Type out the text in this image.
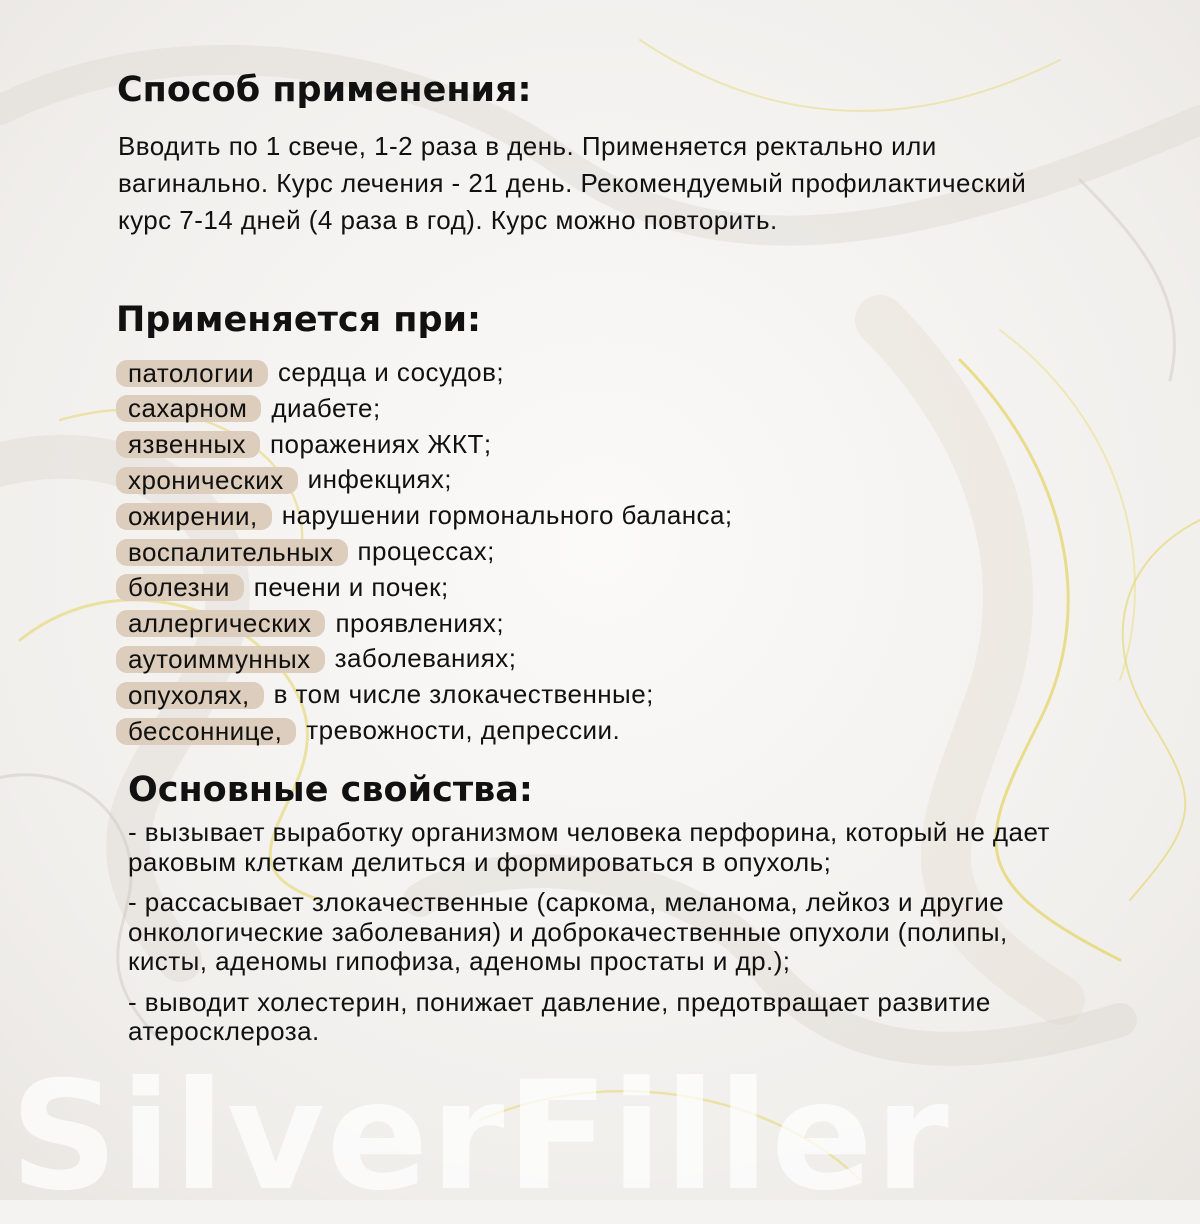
SilverFiller
Способ применения:

Вводить по 1 свече, 1-2 раза в день. Применяется ректально или вагинально. Курс лечения - 21 день. Рекомендуемый профилактический курс 7-14 дней (4 раза в год). Курс можно повторить.

Применяется при:
патологии сердца и сосудов;
сахарном диабете;
язвенных поражениях ЖКТ;
хронических инфекциях;
ожирении, нарушении гормонального баланса;
воспалительных процессах;
болезни печени и почек;
аллергических проявлениях;
аутоиммунных заболеваниях;
опухолях, в том числе злокачественные;
бессоннице, тревожности, депрессии.
Основные свойства:
- вызывает выработку организмом человека перфорина, который не дает раковым клеткам делиться и формироваться в опухоль;
- рассасывает злокачественные (саркома, меланома, лейкоз и другие онкологические заболевания) и доброкачественные опухоли (полипы, кисты, аденомы гипофиза, аденомы простаты и др.);
- выводит холестерин, понижает давление, предотвращает развитие атеросклероза.
